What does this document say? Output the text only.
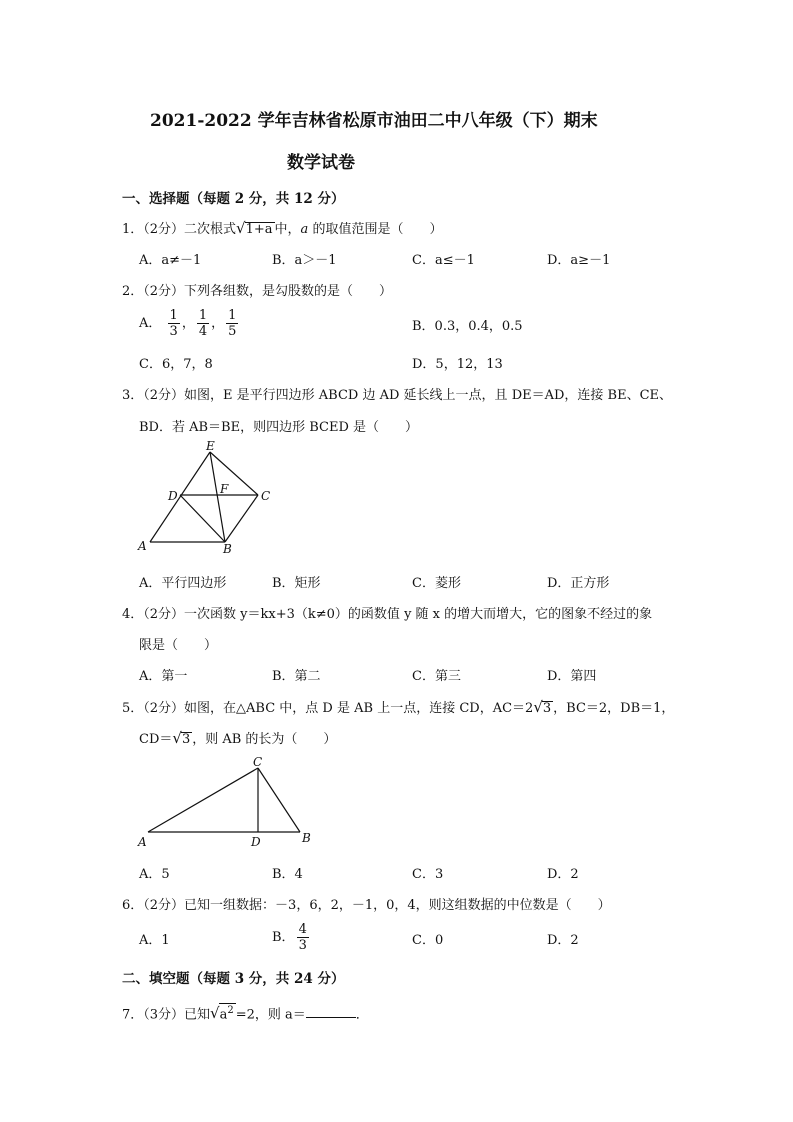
2021-2022 学年吉林省松原市油田二中八年级（下）期末
数学试卷
一、选择题（每题 2 分，共 12 分）
1．（2分）二次根式√1+a 中，a 的取值范围是（　　）
A．a≠－1	B．a＞－1	C．a≤－1	D．a≥－1
2．（2分）下列各组数，是勾股数的是（　　）
A． $\frac{1}{3}$ ， $\frac{1}{4}$ ， $\frac{1}{5}$	B．0.3，0.4，0.5
C．6，7，8	D．5，12，13
3．（2分）如图，E 是平行四边形 ABCD 边 AD 延长线上一点，且 DE＝AD，连接 BE、CE、
BD．若 AB＝BE，则四边形 BCED 是（　　）
E
D	F	C
A	B
A．平行四边形	B．矩形	C．菱形	D．正方形
4．（2分）一次函数 y＝kx+3（k≠0）的函数值 y 随 x 的增大而增大，它的图象不经过的象
限是（　　）
A．第一	B．第二	C．第三	D．第四
5．（2分）如图，在△ABC 中，点 D 是 AB 上一点，连接 CD，AC＝2√3 ，BC＝2，DB＝1，
CD＝√3 ，则 AB 的长为（　　）
C
A	D	B
A．5	B．4	C．3	D．2
6．（2分）已知一组数据：－3，6，2，－1，0，4，则这组数据的中位数是（　　）
A．1	B． $\frac{4}{3}$	C．0	D．2
二、填空题（每题 3 分，共 24 分）
7．（3分）已知$√a^2 =2$，则 a＝	．
